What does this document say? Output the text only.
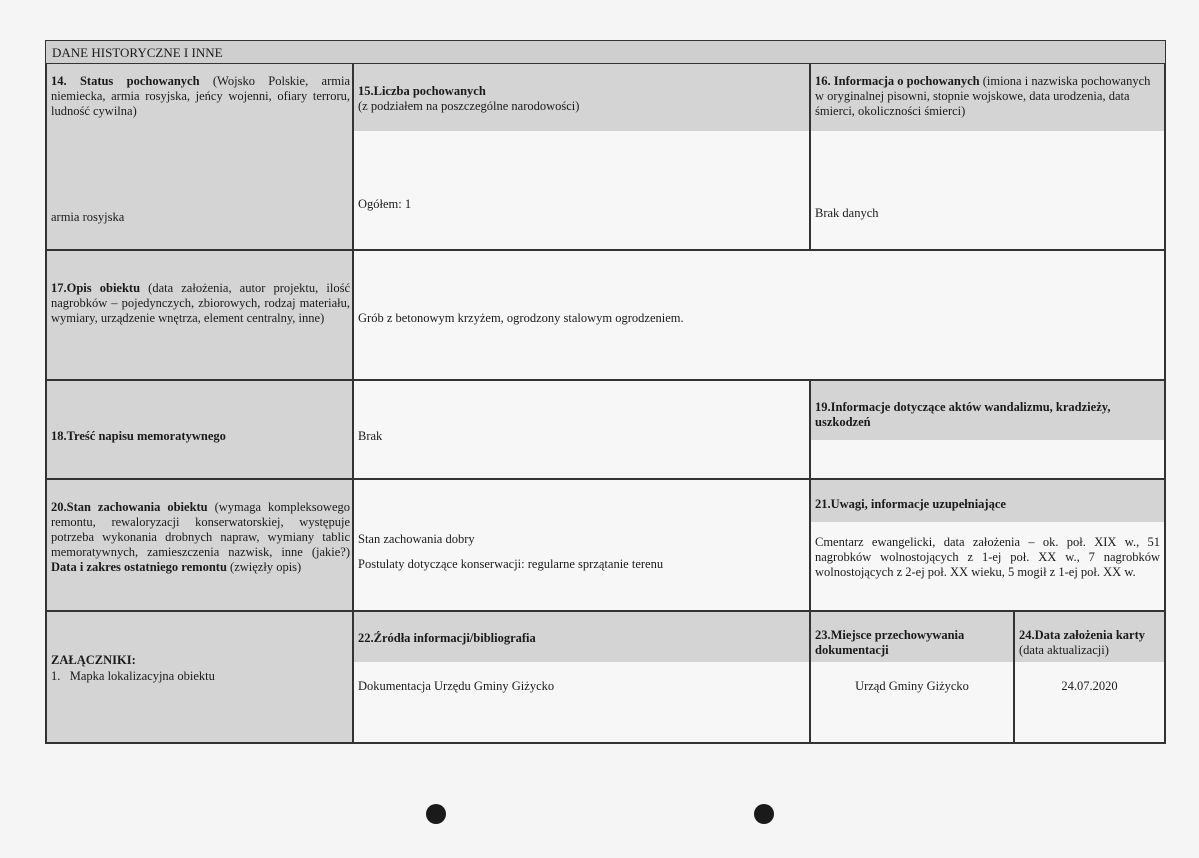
DANE HISTORYCZNE I INNE
14. Status pochowanych (Wojsko Polskie, armia niemiecka, armia rosyjska, jeńcy wojenni, ofiary terroru, ludność cywilna)
armia rosyjska
15.Liczba pochowanych
(z podziałem na poszczególne narodowości)
Ogółem: 1
16. Informacja o pochowanych (imiona i nazwiska pochowanych w oryginalnej pisowni, stopnie wojskowe, data urodzenia, data śmierci, okoliczności śmierci)
Brak danych
17.Opis obiektu (data założenia, autor projektu, ilość nagrobków – pojedynczych, zbiorowych, rodzaj materiału, wymiary, urządzenie wnętrza, element centralny, inne)	Grób z betonowym krzyżem, ogrodzony stalowym ogrodzeniem.
18.Treść napisu memoratywnego	Brak
19.Informacje dotyczące aktów wandalizmu, kradzieży, uszkodzeń
20.Stan zachowania obiektu (wymaga kompleksowego remontu, rewaloryzacji konserwatorskiej, występuje potrzeba wykonania drobnych napraw, wymiany tablic memoratywnych, zamieszczenia nazwisk, inne (jakie?) Data i zakres ostatniego remontu (zwięzły opis)
Stan zachowania dobry
Postulaty dotyczące konserwacji: regularne sprzątanie terenu
21.Uwagi, informacje uzupełniające
Cmentarz ewangelicki, data założenia – ok. poł. XIX w., 51 nagrobków wolnostojących z 1-ej poł. XX w., 7 nagrobków wolnostojących z 2-ej poł. XX wieku, 5 mogił z 1-ej poł. XX w.
ZAŁĄCZNIKI:
1.   Mapka lokalizacyjna obiektu
22.Źródła informacji/bibliografia
Dokumentacja Urzędu Gminy Giżycko
23.Miejsce przechowywania dokumentacji
Urząd Gminy Giżycko
24.Data założenia karty (data aktualizacji)
24.07.2020
